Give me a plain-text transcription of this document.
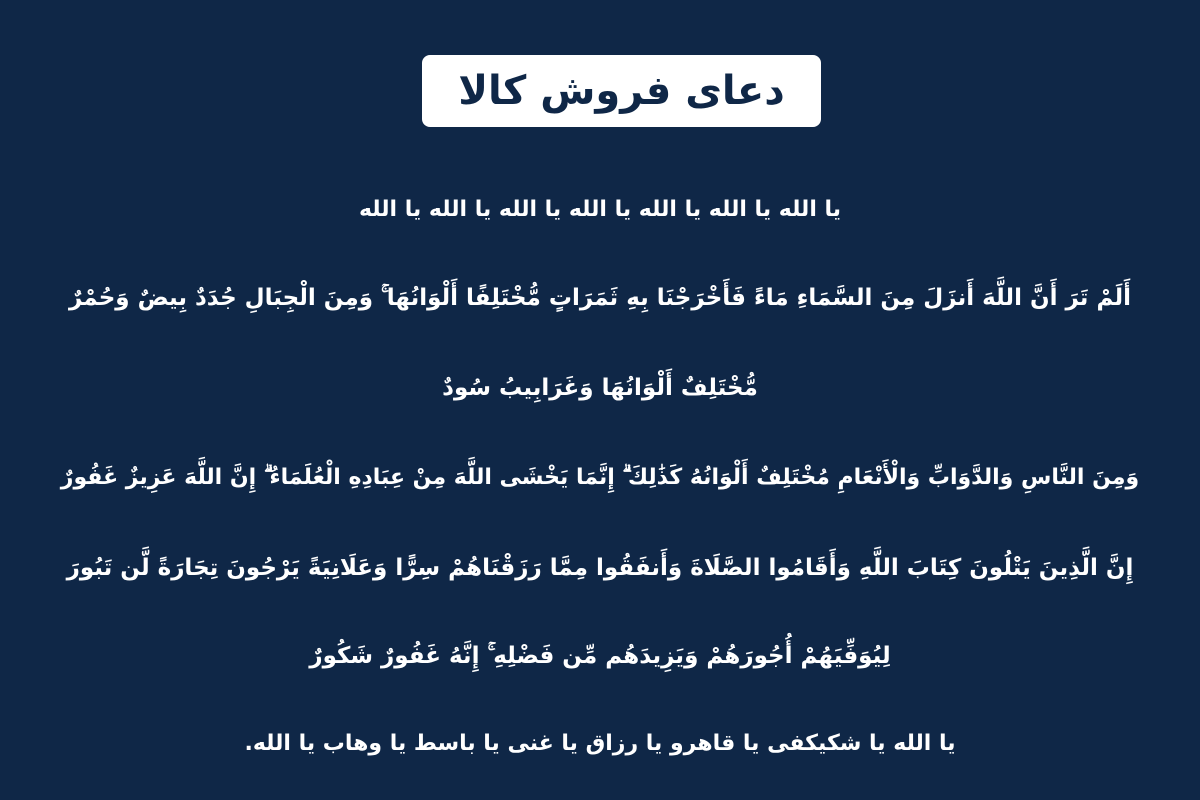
دعای فروش کالا
یا الله یا الله یا الله یا الله یا الله یا الله یا الله
أَلَمْ تَرَ أَنَّ اللَّهَ أَنزَلَ مِنَ السَّمَاءِ مَاءً فَأَخْرَجْنَا بِهِ ثَمَرَاتٍ مُّخْتَلِفًا أَلْوَانُهَا ۚ وَمِنَ الْجِبَالِ جُدَدٌ بِيضٌ وَحُمْرٌ
مُّخْتَلِفٌ أَلْوَانُهَا وَغَرَابِيبُ سُودٌ
وَمِنَ النَّاسِ وَالدَّوَابِّ وَالْأَنْعَامِ مُخْتَلِفٌ أَلْوَانُهُ كَذَٰلِكَ ۗ إِنَّمَا يَخْشَى اللَّهَ مِنْ عِبَادِهِ الْعُلَمَاءُ ۗ إِنَّ اللَّهَ عَزِيزٌ غَفُورٌ
إِنَّ الَّذِينَ يَتْلُونَ كِتَابَ اللَّهِ وَأَقَامُوا الصَّلَاةَ وَأَنفَقُوا مِمَّا رَزَقْنَاهُمْ سِرًّا وَعَلَانِيَةً يَرْجُونَ تِجَارَةً لَّن تَبُورَ
لِيُوَفِّيَهُمْ أُجُورَهُمْ وَيَزِيدَهُم مِّن فَضْلِهِ ۚ إِنَّهُ غَفُورٌ شَكُورٌ
یا الله یا شکیکفی یا قاهرو یا رزاق یا غنی یا باسط یا وهاب یا الله.
